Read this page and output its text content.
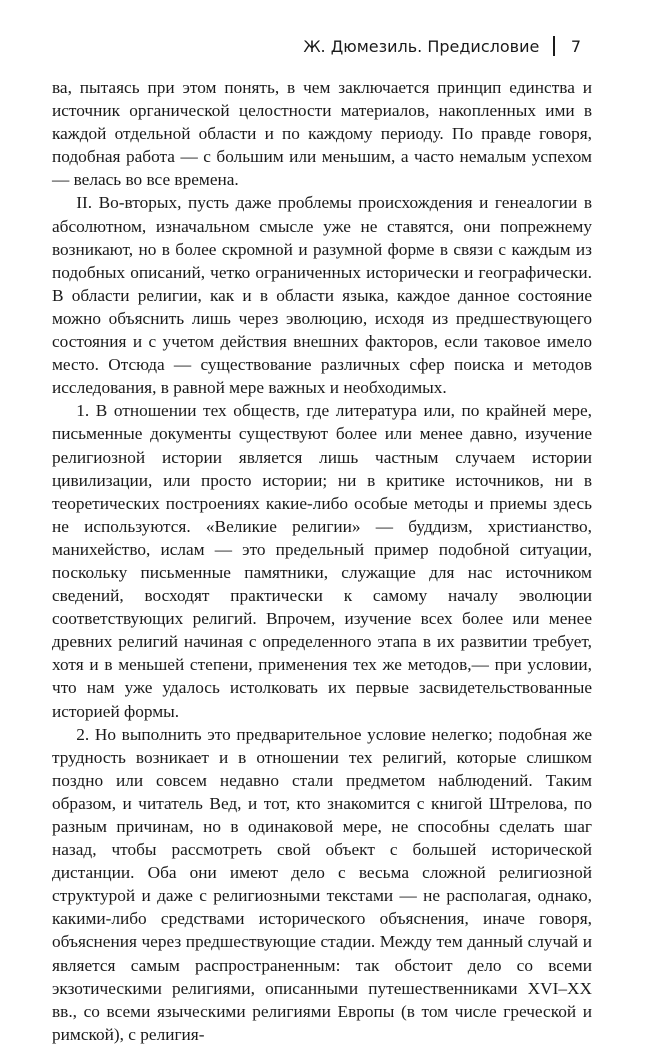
Ж. Дюмезиль. Предисловие 7

ва, пытаясь при этом понять, в чем заключается принцип единства и источник органической целостности материалов, накопленных ими в каждой отдельной области и по каждому периоду. По правде говоря, подобная работа — с большим или меньшим, а часто немалым успехом — велась во все времена.

II. Во-вторых, пусть даже проблемы происхождения и генеалогии в абсолютном, изначальном смысле уже не ставятся, они попрежнему возникают, но в более скромной и разумной форме в связи с каждым из подобных описаний, четко ограниченных исторически и географически. В области религии, как и в области языка, каждое данное состояние можно объяснить лишь через эволюцию, исходя из предшествующего состояния и с учетом действия внешних факторов, если таковое имело место. Отсюда — существование различных сфер поиска и методов исследования, в равной мере важных и необходимых.

1. В отношении тех обществ, где литература или, по крайней мере, письменные документы существуют более или менее давно, изучение религиозной истории является лишь частным случаем истории цивилизации, или просто истории; ни в критике источников, ни в теоретических построениях какие-либо особые методы и приемы здесь не используются. «Великие религии» — буддизм, христианство, манихейство, ислам — это предельный пример подобной ситуации, поскольку письменные памятники, служащие для нас источником сведений, восходят практически к самому началу эволюции соответствующих религий. Впрочем, изучение всех более или менее древних религий начиная с определенного этапа в их развитии требует, хотя и в меньшей степени, применения тех же методов,— при условии, что нам уже удалось истолковать их первые засвидетельствованные историей формы.

2. Но выполнить это предварительное условие нелегко; подобная же трудность возникает и в отношении тех религий, которые слишком поздно или совсем недавно стали предметом наблюдений. Таким образом, и читатель Вед, и тот, кто знакомится с книгой Штрелова, по разным причинам, но в одинаковой мере, не способны сделать шаг назад, чтобы рассмотреть свой объект с большей исторической дистанции. Оба они имеют дело с весьма сложной религиозной структурой и даже с религиозными текстами — не располагая, однако, какими-либо средствами исторического объяснения, иначе говоря, объяснения через предшествующие стадии. Между тем данный случай и является самым распространенным: так обстоит дело со всеми экзотическими религиями, описанными путешественниками XVI–XX вв., со всеми языческими религиями Европы (в том числе греческой и римской), с религия-
